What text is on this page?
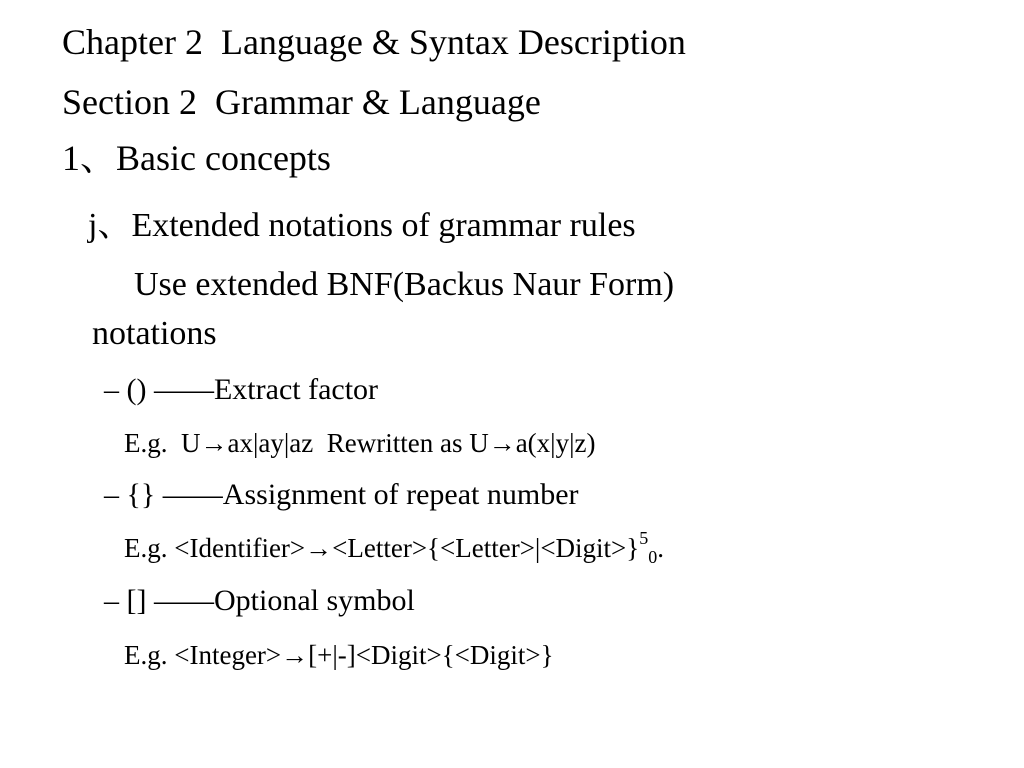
Chapter 2  Language & Syntax Description
Section 2  Grammar & Language
1、Basic concepts
j、Extended notations of grammar rules
Use extended BNF(Backus Naur Form)
notations
– () ——Extract factor
E.g.  U→ax|ay|az  Rewritten as U→a(x|y|z)
– {} ——Assignment of repeat number
E.g. <Identifier>→<Letter>{<Letter>|<Digit>}$^5_0$.
– [] ——Optional symbol
E.g. <Integer>→[+|-]<Digit>{<Digit>}
